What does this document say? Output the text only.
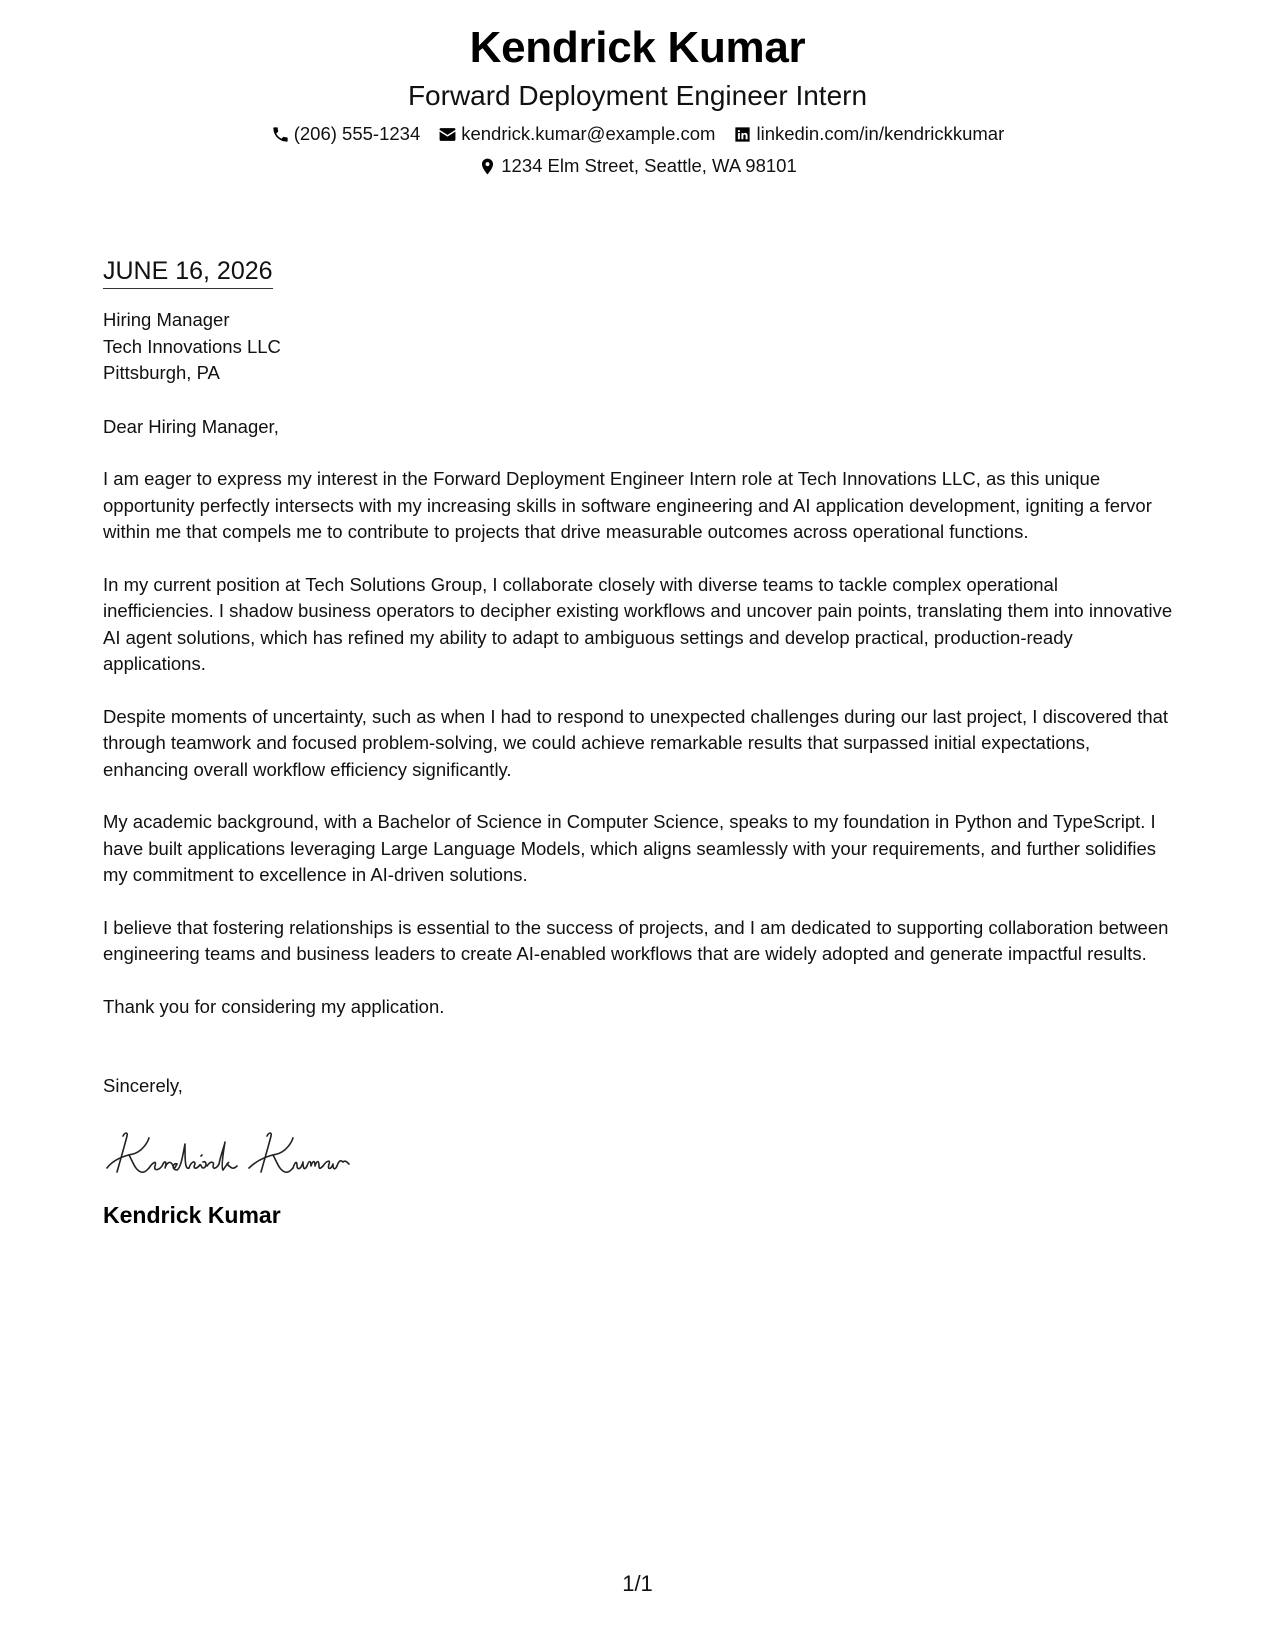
Kendrick Kumar
Forward Deployment Engineer Intern
(206) 555-1234 kendrick.kumar@example.com linkedin.com/in/kendrickkumar
1234 Elm Street, Seattle, WA 98101
JUNE 16, 2026
Hiring Manager
Tech Innovations LLC
Pittsburgh, PA
Dear Hiring Manager,
I am eager to express my interest in the Forward Deployment Engineer Intern role at Tech Innovations LLC, as this unique opportunity perfectly intersects with my increasing skills in software engineering and AI application development, igniting a fervor within me that compels me to contribute to projects that drive measurable outcomes across operational functions.
In my current position at Tech Solutions Group, I collaborate closely with diverse teams to tackle complex operational inefficiencies. I shadow business operators to decipher existing workflows and uncover pain points, translating them into innovative AI agent solutions, which has refined my ability to adapt to ambiguous settings and develop practical, production-ready applications.
Despite moments of uncertainty, such as when I had to respond to unexpected challenges during our last project, I discovered that through teamwork and focused problem-solving, we could achieve remarkable results that surpassed initial expectations, enhancing overall workflow efficiency significantly.
My academic background, with a Bachelor of Science in Computer Science, speaks to my foundation in Python and TypeScript. I have built applications leveraging Large Language Models, which aligns seamlessly with your requirements, and further solidifies my commitment to excellence in AI-driven solutions.
I believe that fostering relationships is essential to the success of projects, and I am dedicated to supporting collaboration between engineering teams and business leaders to create AI-enabled workflows that are widely adopted and generate impactful results.
Thank you for considering my application.
Sincerely,
Kendrick Kumar
1/1
